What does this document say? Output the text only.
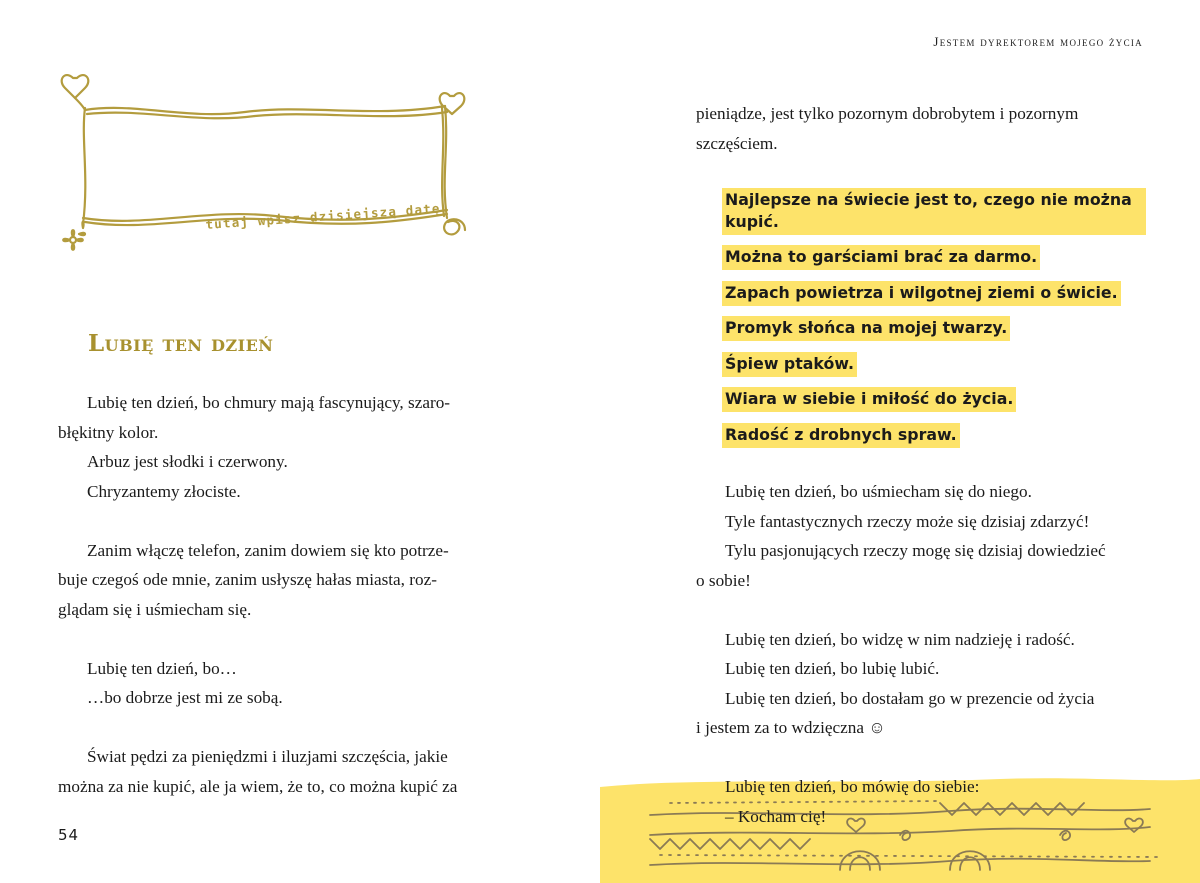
tutaj wpisz dzisiejszą datę
Lubię ten dzień

Lubię ten dzień, bo chmury mają fascynujący, szaro-

błękitny kolor.

Arbuz jest słodki i czerwony.

Chryzantemy złociste.

Zanim włączę telefon, zanim dowiem się kto potrze-

buje czegoś ode mnie, zanim usłyszę hałas miasta, roz-

glądam się i uśmiecham się.

Lubię ten dzień, bo…

…bo dobrze jest mi ze sobą.

Świat pędzi za pieniędzmi i iluzjami szczęścia, jakie

można za nie kupić, ale ja wiem, że to, co można kupić za

54
Jestem dyrektorem mojego życia

pieniądze, jest tylko pozornym dobrobytem i pozornym

szczęściem.

Najlepsze na świecie jest to, czego nie można kupić.
Można to garściami brać za darmo.
Zapach powietrza i wilgotnej ziemi o świcie.
Promyk słońca na mojej twarzy.
Śpiew ptaków.
Wiara w siebie i miłość do życia.
Radość z drobnych spraw.

Lubię ten dzień, bo uśmiecham się do niego.

Tyle fantastycznych rzeczy może się dzisiaj zdarzyć!

Tylu pasjonujących rzeczy mogę się dzisiaj dowiedzieć

o sobie!

Lubię ten dzień, bo widzę w nim nadzieję i radość.

Lubię ten dzień, bo lubię lubić.

Lubię ten dzień, bo dostałam go w prezencie od życia

i jestem za to wdzięczna ☺

Lubię ten dzień, bo mówię do siebie:

– Kocham cię!
